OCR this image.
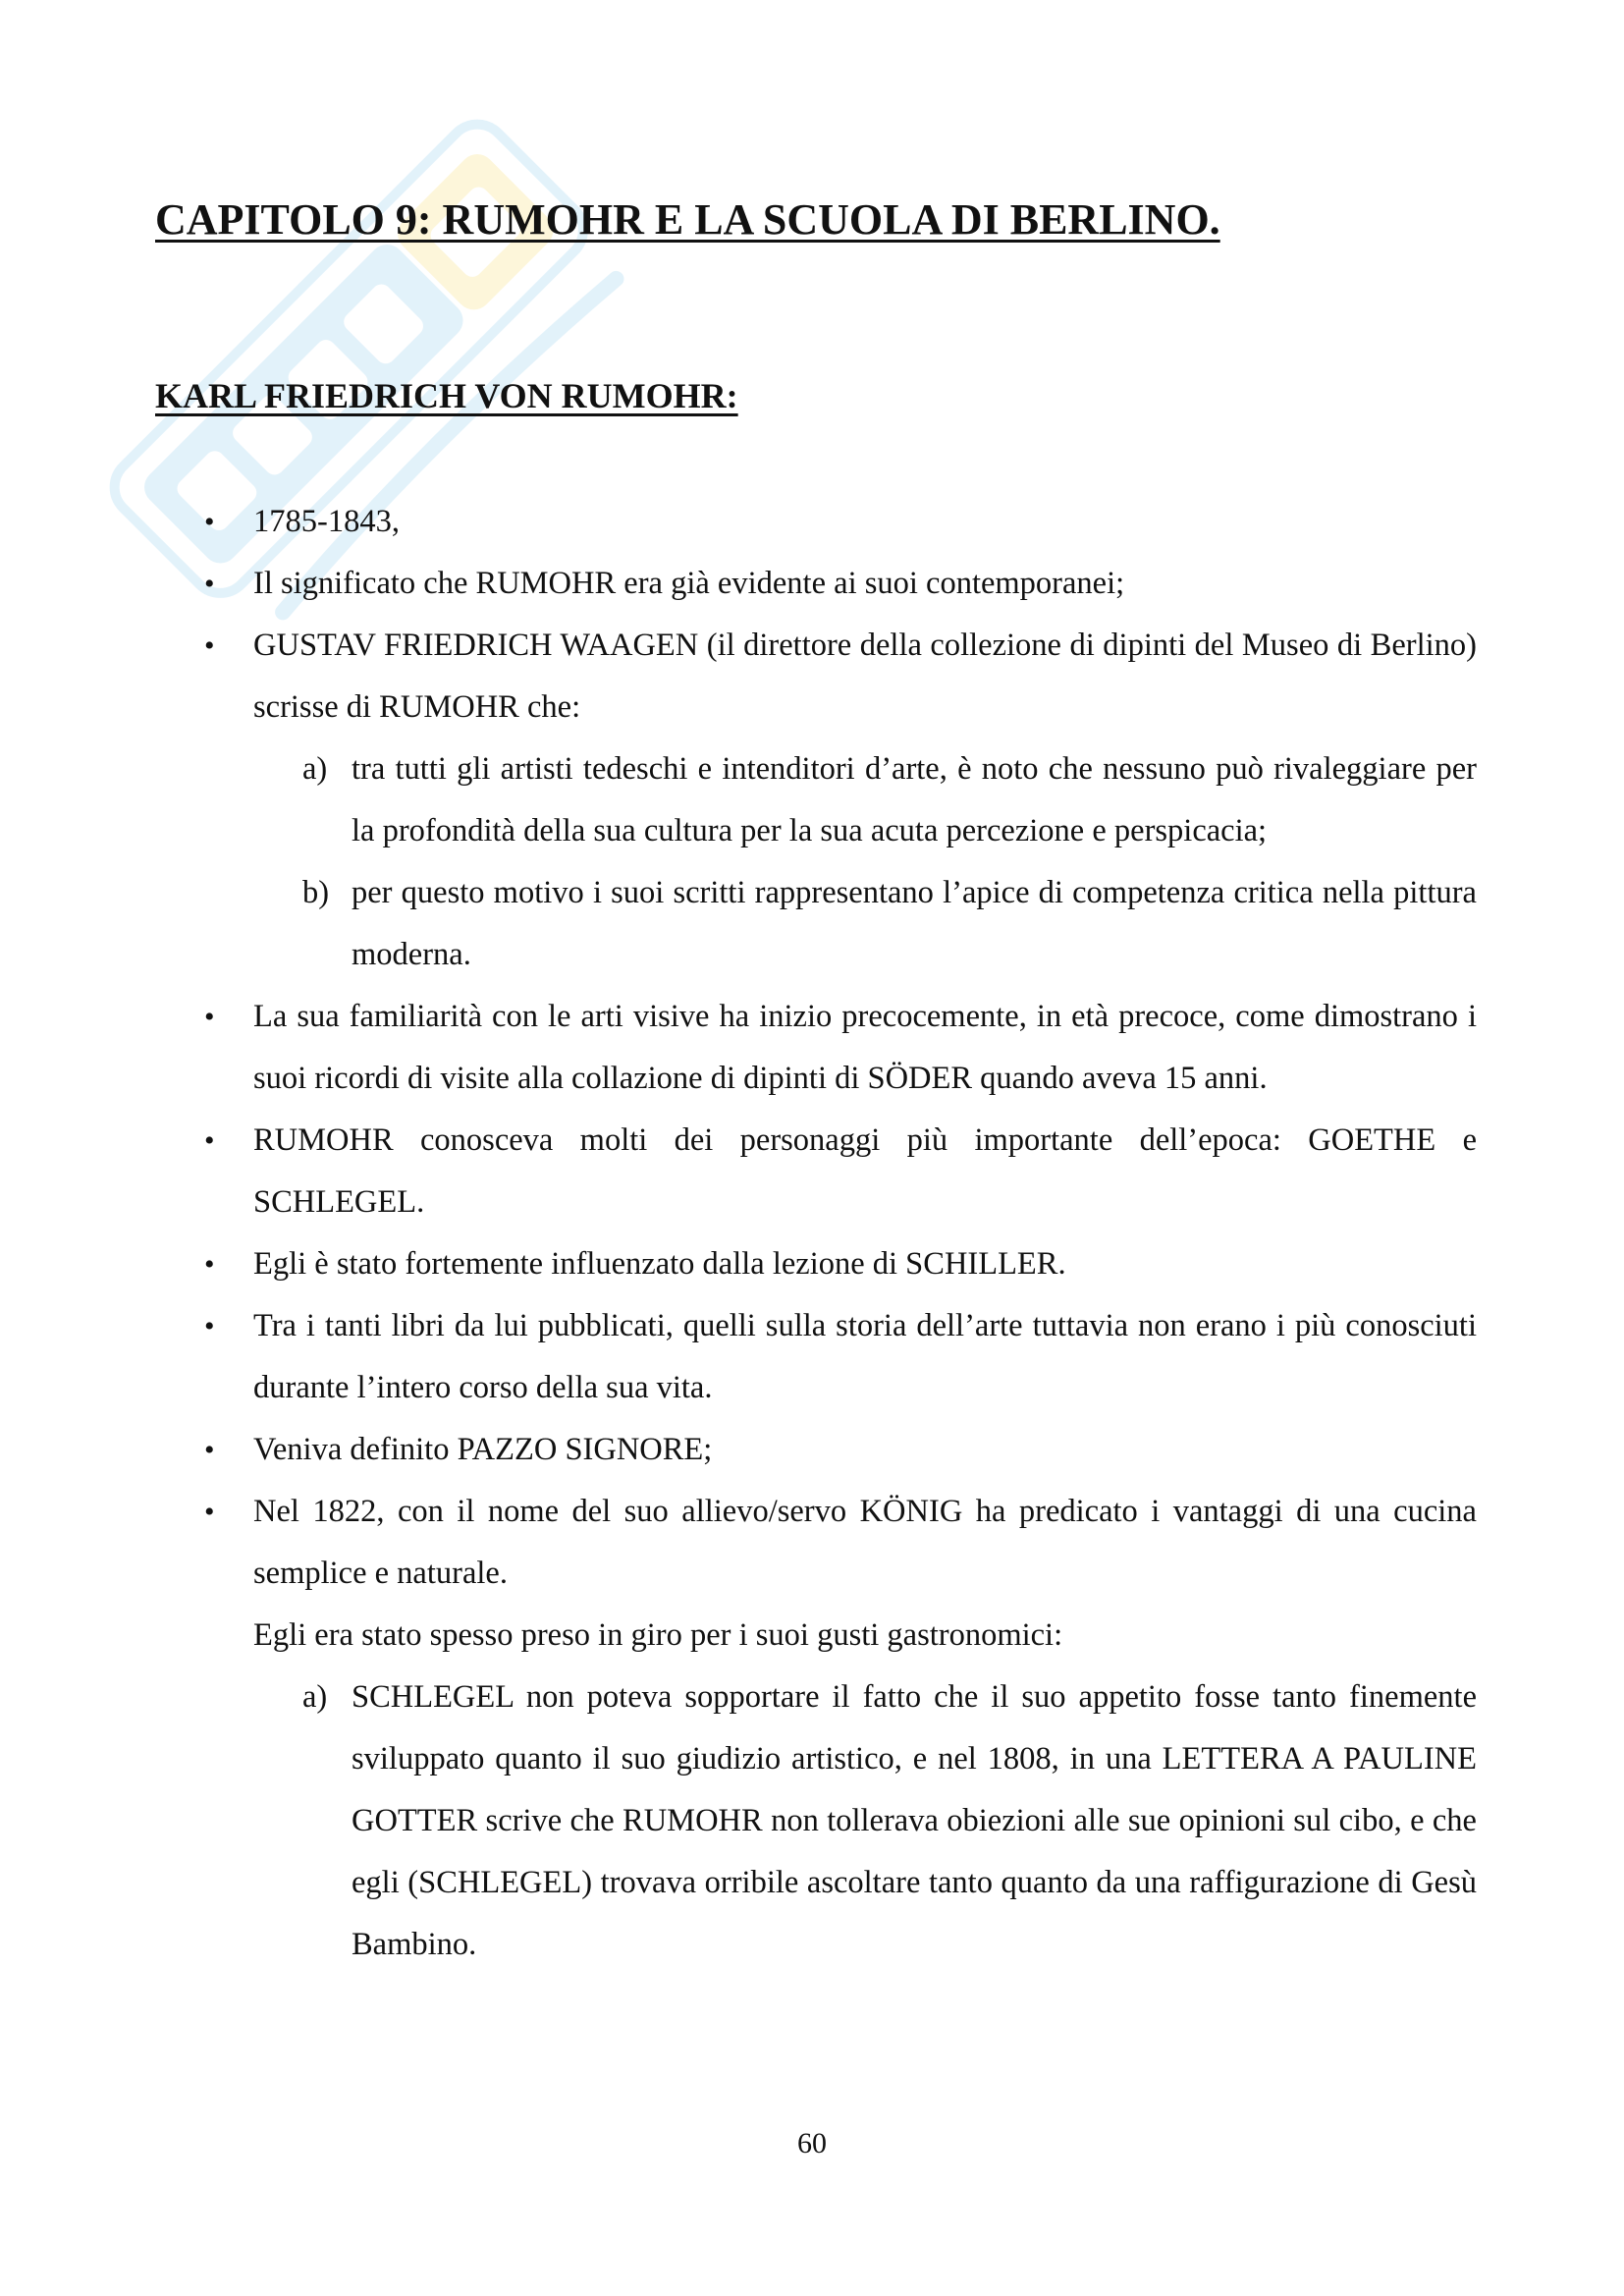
CAPITOLO 9: RUMOHR E LA SCUOLA DI BERLINO.
KARL FRIEDRICH VON RUMOHR:
• 1785-1843,
• Il significato che RUMOHR era già evidente ai suoi contemporanei;
• GUSTAV FRIEDRICH WAAGEN (il direttore della collezione di dipinti del Museo di Berlino) scrisse di RUMOHR che:
a) tra tutti gli artisti tedeschi e intenditori d’arte, è noto che nessuno può rivaleggiare per la profondità della sua cultura per la sua acuta percezione e perspicacia;
b) per questo motivo i suoi scritti rappresentano l’apice di competenza critica nella pittura moderna.
• La sua familiarità con le arti visive ha inizio precocemente, in età precoce, come dimostrano i suoi ricordi di visite alla collazione di dipinti di SÖDER quando aveva 15 anni.
• RUMOHR conosceva molti dei personaggi più importante dell’epoca: GOETHE e SCHLEGEL.
• Egli è stato fortemente influenzato dalla lezione di SCHILLER.
• Tra i tanti libri da lui pubblicati, quelli sulla storia dell’arte tuttavia non erano i più conosciuti durante l’intero corso della sua vita.
• Veniva definito PAZZO SIGNORE;
• Nel 1822, con il nome del suo allievo/servo KÖNIG ha predicato i vantaggi di una cucina semplice e naturale.
Egli era stato spesso preso in giro per i suoi gusti gastronomici:
a) SCHLEGEL non poteva sopportare il fatto che il suo appetito fosse tanto finemente sviluppato quanto il suo giudizio artistico, e nel 1808, in una LETTERA A PAULINE GOTTER scrive che RUMOHR non tollerava obiezioni alle sue opinioni sul cibo, e che egli (SCHLEGEL) trovava orribile ascoltare tanto quanto da una raffigurazione di Gesù Bambino.
60
